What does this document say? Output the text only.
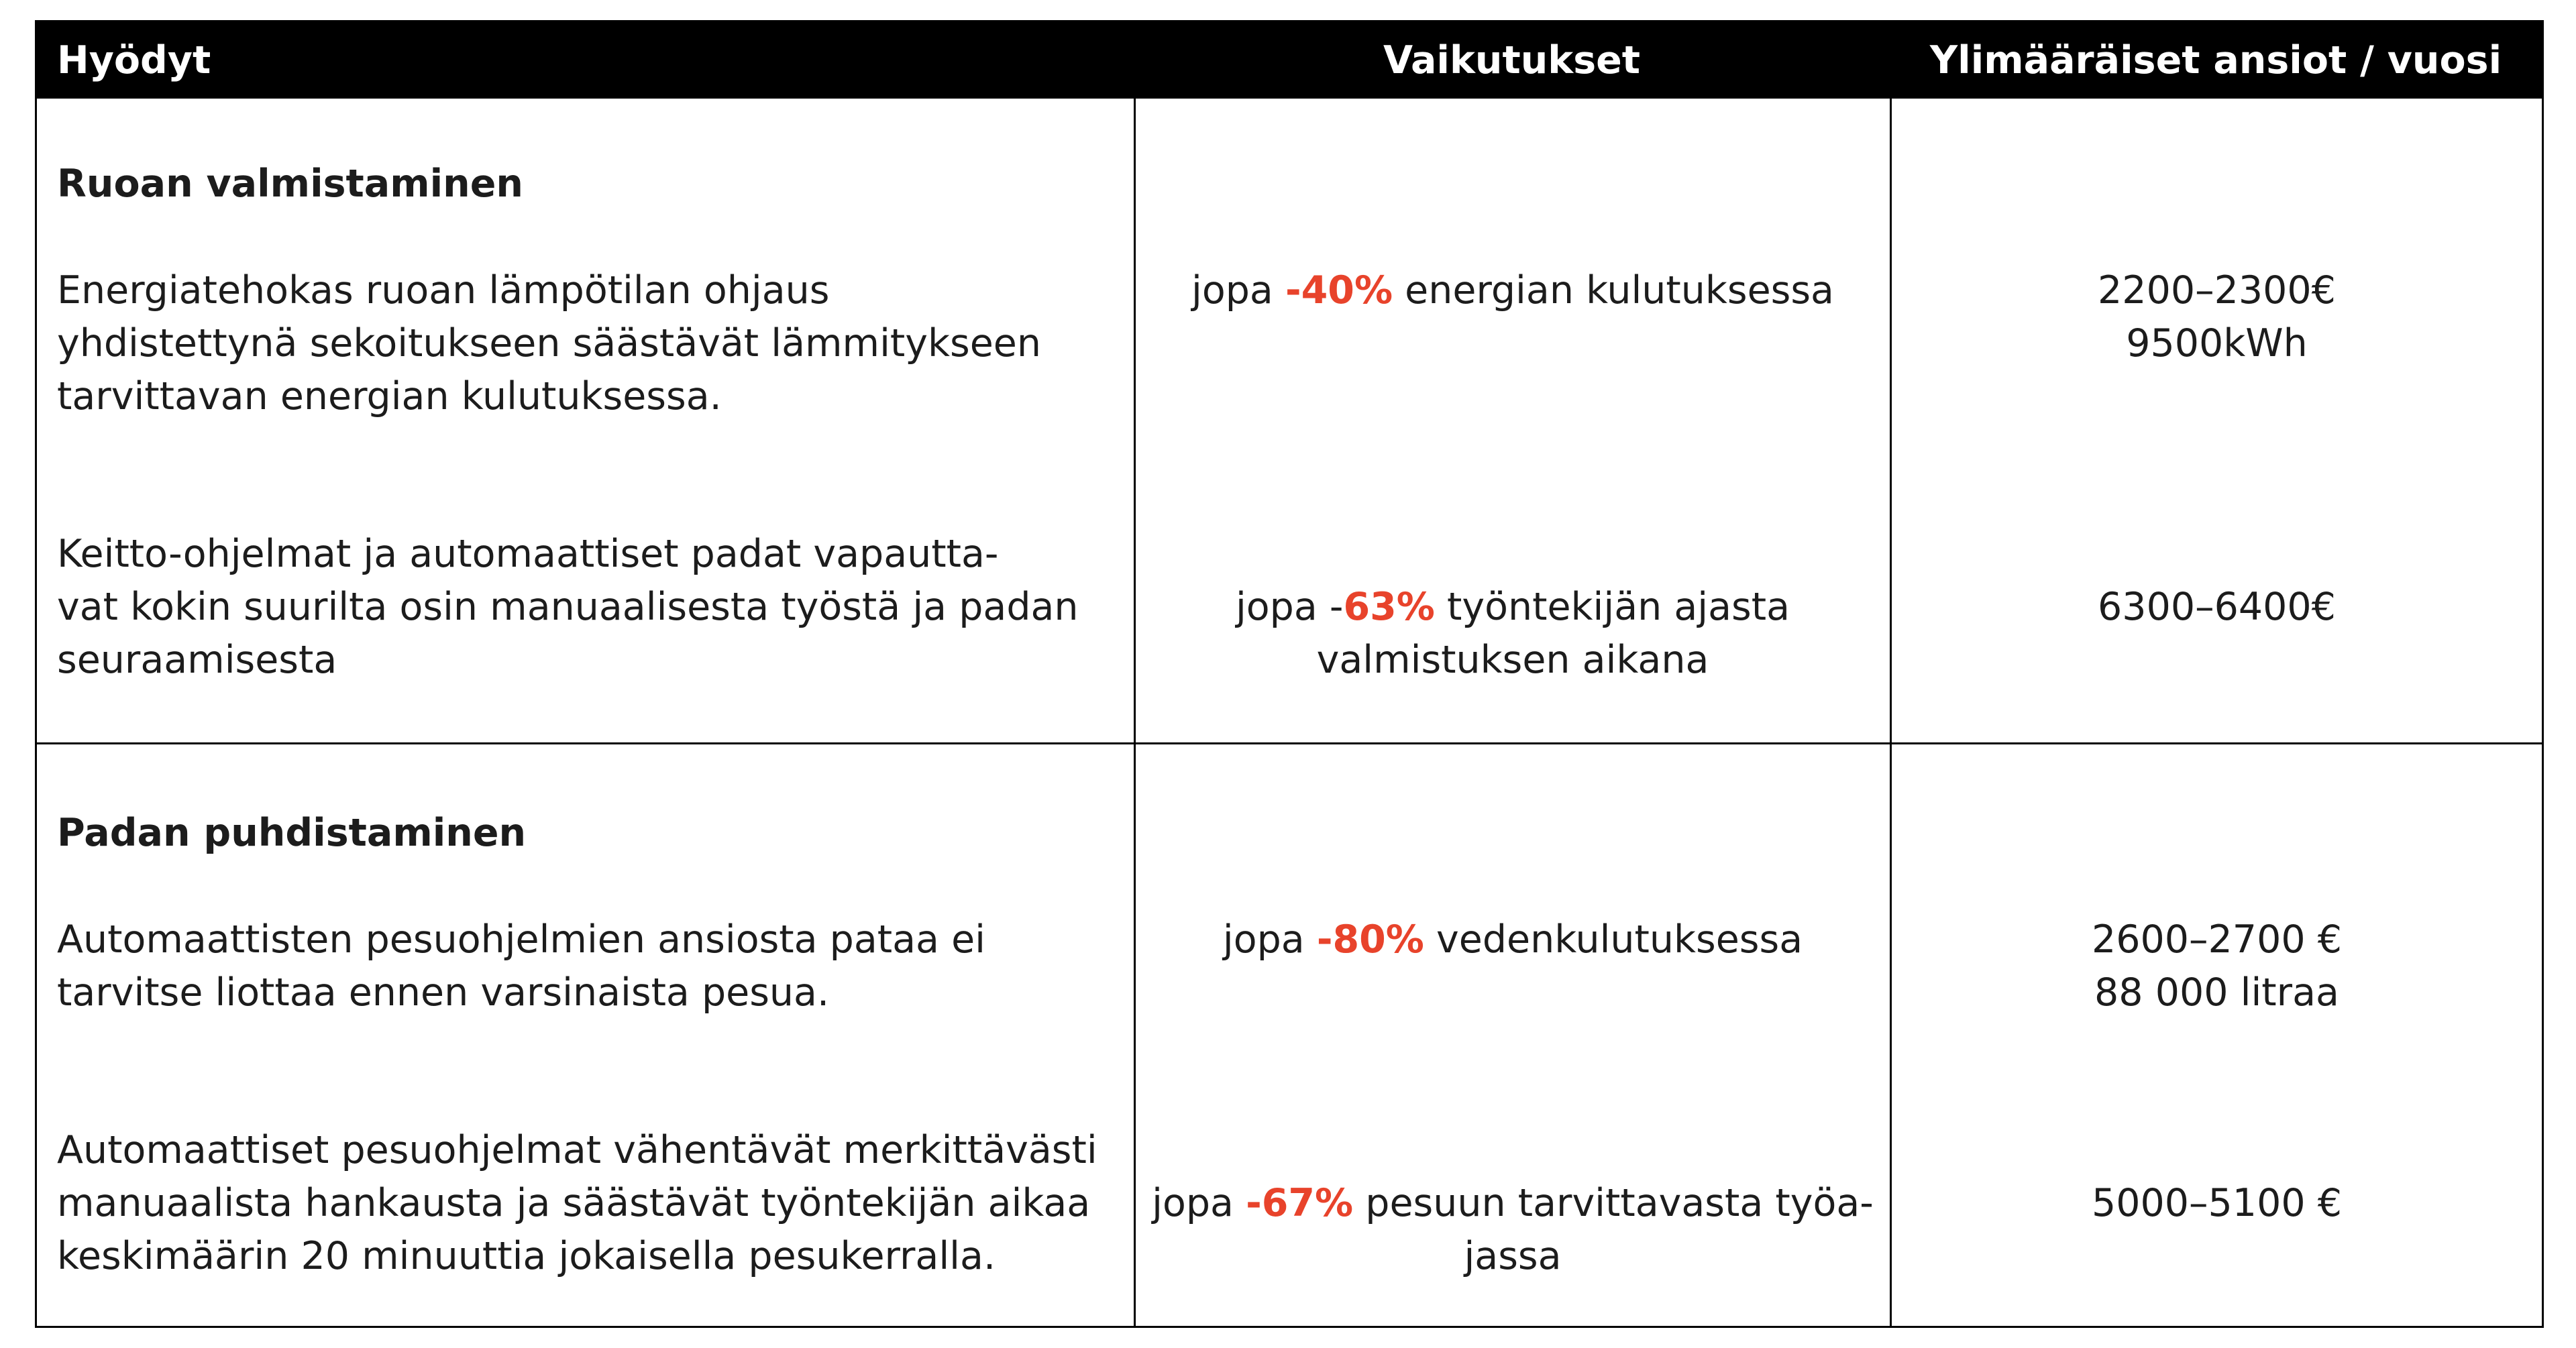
Hyödyt	Vaikutukset	Ylimääräiset ansiot / vuosi
Ruoan valmistaminen
Energiatehokas ruoan lämpötilan ohjaus
yhdistettynä sekoitukseen säästävät lämmitykseen
tarvittavan energian kulutuksessa.
Keitto-ohjelmat ja automaattiset padat vapautta-
vat kokin suurilta osin manuaalisesta työstä ja padan
seuraamisesta
jopa -40% energian kulutuksessa
jopa -63% työntekijän ajasta
valmistuksen aikana
2200–2300€
9500kWh
6300–6400€
Padan puhdistaminen
Automaattisten pesuohjelmien ansiosta pataa ei
tarvitse liottaa ennen varsinaista pesua.
Automaattiset pesuohjelmat vähentävät merkittävästi
manuaalista hankausta ja säästävät työntekijän aikaa
keskimäärin 20 minuuttia jokaisella pesukerralla.
jopa -80% vedenkulutuksessa
jopa -67% pesuun tarvittavasta työa-
jassa
2600–2700 €
88 000 litraa
5000–5100 €
